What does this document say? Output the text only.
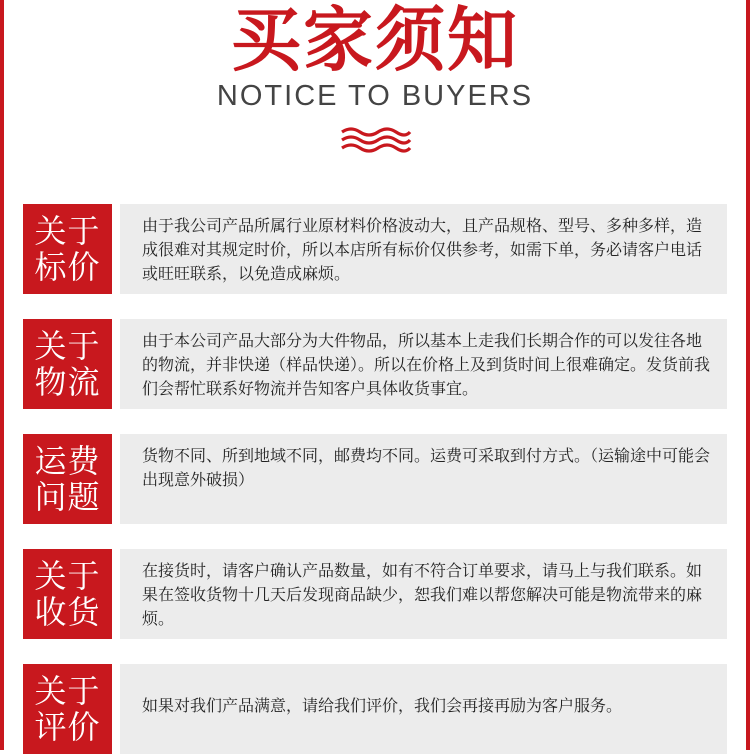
买家须知
NOTICE TO BUYERS
关于
标价
由于我公司产品所属行业原材料价格波动大，且产品规格、型号、多种多样，造成很难对其规定时价，所以本店所有标价仅供参考，如需下单，务必请客户电话或旺旺联系，以免造成麻烦。
关于
物流
由于本公司产品大部分为大件物品，所以基本上走我们长期合作的可以发往各地的物流，并非快递（样品快递）。所以在价格上及到货时间上很难确定。发货前我们会帮忙联系好物流并告知客户具体收货事宜。
运费
问题
货物不同、所到地域不同，邮费均不同。运费可采取到付方式。（运输途中可能会出现意外破损）
关于
收货
在接货时，请客户确认产品数量，如有不符合订单要求，请马上与我们联系。如果在签收货物十几天后发现商品缺少，恕我们难以帮您解决可能是物流带来的麻烦。
关于
评价
如果对我们产品满意，请给我们评价，我们会再接再励为客户服务。
